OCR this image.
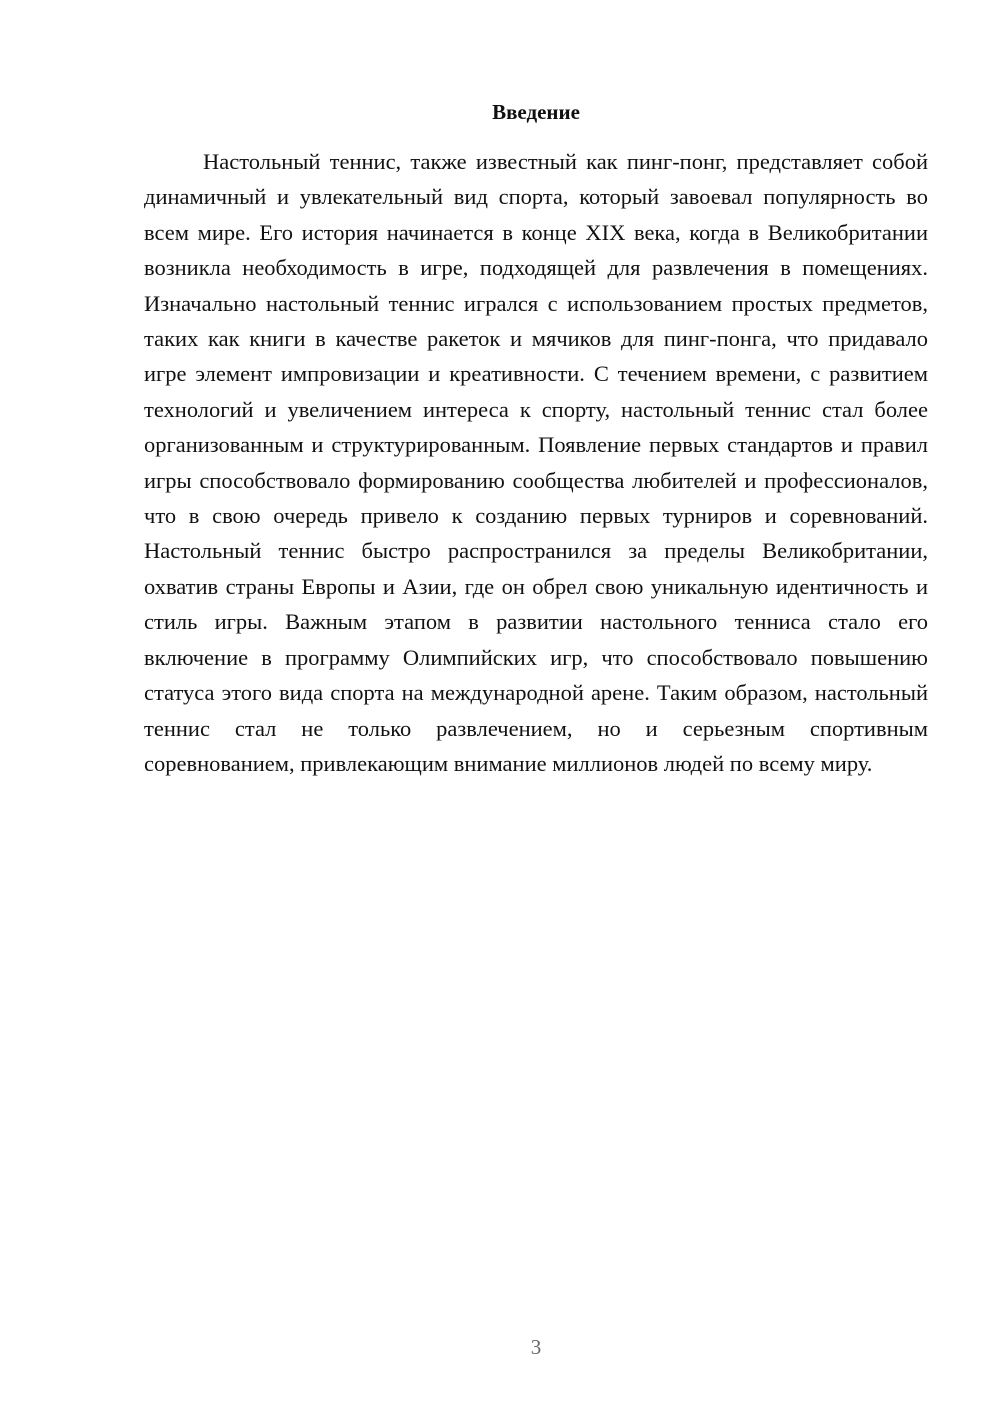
Введение

Настольный теннис, также известный как пинг-понг, представляет собой динамичный и увлекательный вид спорта, который завоевал популярность во всем мире. Его история начинается в конце XIX века, когда в Великобритании возникла необходимость в игре, подходящей для развлечения в помещениях. Изначально настольный теннис игрался с использованием простых предметов, таких как книги в качестве ракеток и мячиков для пинг-понга, что придавало игре элемент импровизации и креативности. С течением времени, с развитием технологий и увеличением интереса к спорту, настольный теннис стал более организованным и структурированным. Появление первых стандартов и правил игры способствовало формированию сообщества любителей и профессионалов, что в свою очередь привело к созданию первых турниров и соревнований. Настольный теннис быстро распространился за пределы Великобритании, охватив страны Европы и Азии, где он обрел свою уникальную идентичность и стиль игры. Важным этапом в развитии настольного тенниса стало его включение в программу Олимпийских игр, что способствовало повышению статуса этого вида спорта на международной арене. Таким образом, настольный теннис стал не только развлечением, но и серьезным спортивным соревнованием, привлекающим внимание миллионов людей по всему миру.

3
